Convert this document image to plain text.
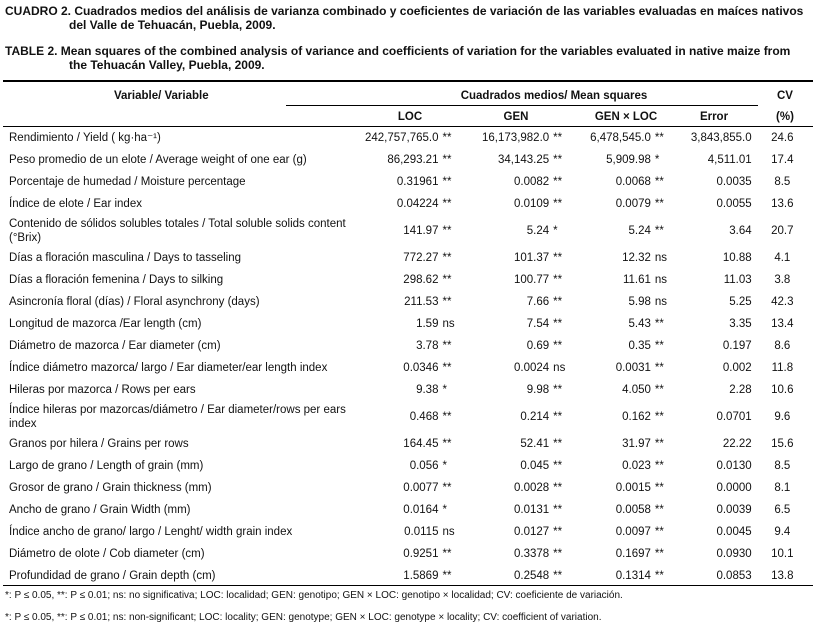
CUADRO 2. Cuadrados medios del análisis de varianza combinado y coeficientes de variación de las variables evaluadas en maíces nativos
del Valle de Tehuacán, Puebla, 2009.
TABLE 2. Mean squares of the combined analysis of variance and coefficients of variation for the variables evaluated in native maize from
the Tehuacán Valley, Puebla, 2009.
Variable/ Variable	Cuadrados medios/ Mean squares	CV
LOC	GEN	GEN × LOC	Error	(%)
Rendimiento / Yield ( kg·ha⁻¹)	242,757,765.0 **	16,173,982.0 **	6,478,545.0 **	3,843,855.0	24.6
Peso promedio de un elote / Average weight of one ear (g)	86,293.21 **	34,143.25 **	5,909.98 *	4,511.01	17.4
Porcentaje de humedad / Moisture percentage	0.31961 **	0.0082 **	0.0068 **	0.0035	8.5
Índice de elote / Ear index	0.04224 **	0.0109 **	0.0079 **	0.0055	13.6
Contenido de sólidos solubles totales / Total soluble solids content (°Brix)	141.97 **	5.24 *	5.24 **	3.64	20.7
Días a floración masculina / Days to tasseling	772.27 **	101.37 **	12.32 ns	10.88	4.1
Días a floración femenina / Days to silking	298.62 **	100.77 **	11.61 ns	11.03	3.8
Asincronía floral (días) / Floral asynchrony (days)	211.53 **	7.66 **	5.98 ns	5.25	42.3
Longitud de mazorca /Ear length (cm)	1.59 ns	7.54 **	5.43 **	3.35	13.4
Diámetro de mazorca / Ear diameter (cm)	3.78 **	0.69 **	0.35 **	0.197	8.6
Índice diámetro mazorca/ largo / Ear diameter/ear length index	0.0346 **	0.0024 ns	0.0031 **	0.002	11.8
Hileras por mazorca / Rows per ears	9.38 *	9.98 **	4.050 **	2.28	10.6
Índice hileras por mazorcas/diámetro / Ear diameter/rows per ears index	0.468 **	0.214 **	0.162 **	0.0701	9.6
Granos por hilera / Grains per rows	164.45 **	52.41 **	31.97 **	22.22	15.6
Largo de grano / Length of grain (mm)	0.056 *	0.045 **	0.023 **	0.0130	8.5
Grosor de grano / Grain thickness (mm)	0.0077 **	0.0028 **	0.0015 **	0.0000	8.1
Ancho de grano / Grain Width (mm)	0.0164 *	0.0131 **	0.0058 **	0.0039	6.5
Índice ancho de grano/ largo / Lenght/ width grain index	0.0115 ns	0.0127 **	0.0097 **	0.0045	9.4
Diámetro de olote / Cob diameter (cm)	0.9251 **	0.3378 **	0.1697 **	0.0930	10.1
Profundidad de grano / Grain depth (cm)	1.5869 **	0.2548 **	0.1314 **	0.0853	13.8
*: P ≤ 0.05, **: P ≤ 0.01; ns: no significativa; LOC: localidad; GEN: genotipo; GEN × LOC: genotipo × localidad; CV: coeficiente de variación.
*: P ≤ 0.05, **: P ≤ 0.01; ns: non-significant; LOC: locality; GEN: genotype; GEN × LOC: genotype × locality; CV: coefficient of variation.
